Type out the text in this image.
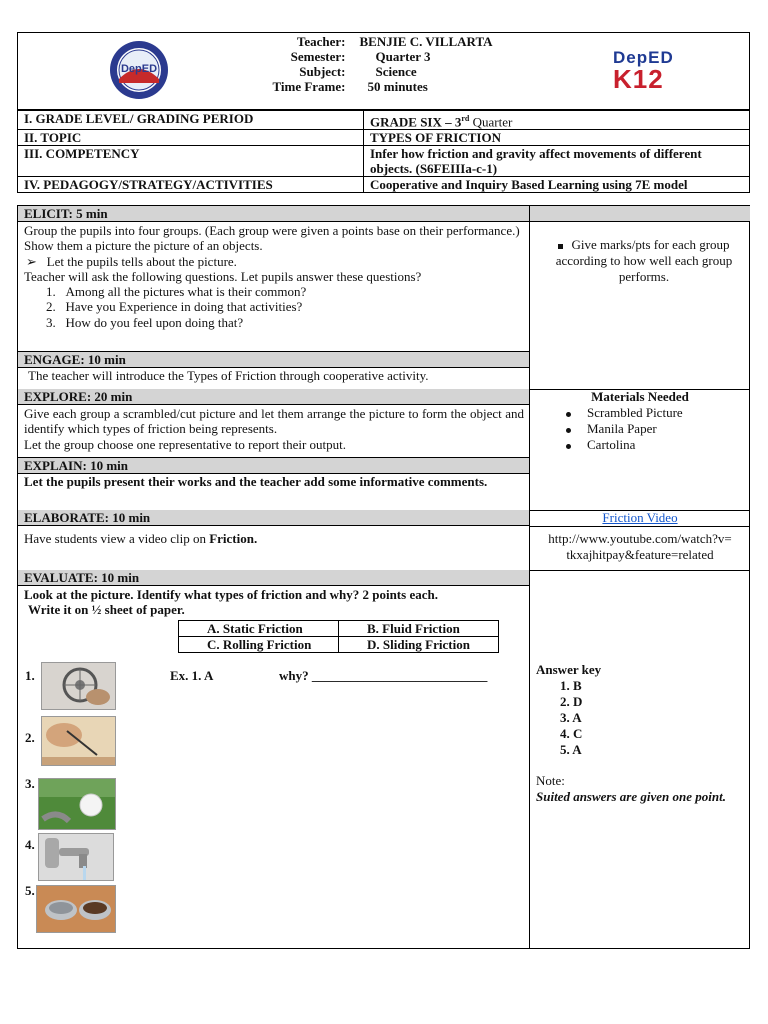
DepED
Teacher: BENJIE C. VILLARTA
Semester: Quarter 3
Subject: Science
Time Frame: 50 minutes
DepED
K12
I. GRADE LEVEL/ GRADING PERIOD	GRADE SIX – 3rd Quarter
II. TOPIC	TYPES OF FRICTION
III. COMPETENCY	Infer how friction and gravity affect movements of different objects. (S6FEIIIa-c-1)
IV. PEDAGOGY/STRATEGY/ACTIVITIES	Cooperative and Inquiry Based Learning using 7E model
ELICIT: 5 min
Group the pupils into four groups. (Each group were given a points base on their performance.)
Show them a picture the picture of an objects.
➢ Let the pupils tells about the picture.
Teacher will ask the following questions. Let pupils answer these questions?
1.   Among all the pictures what is their common?
2.   Have you Experience in doing that activities?
3.   How do you feel upon doing that?
Give marks/pts for each group according to how well each group performs.
ENGAGE: 10 min
The teacher will introduce the Types of Friction through cooperative activity.
EXPLORE: 20 min
Give each group a scrambled/cut picture and let them arrange the picture to form the object and identify which types of friction being represents.
Let the group choose one representative to report their output.
Materials Needed
Scrambled Picture
Manila Paper
Cartolina
EXPLAIN: 10 min
Let the pupils present their works and the teacher add some informative comments.
ELABORATE: 10 min	Friction Video
Have students view a video clip on Friction.	http://www.youtube.com/watch?v= tkxajhitpay&feature=related
EVALUATE: 10 min
Look at the picture. Identify what types of friction and why? 2 points each.
Write it on ½ sheet of paper.
A. Static Friction	B. Fluid Friction
C. Rolling Friction	D. Sliding Friction
1.	Ex. 1. A	why? ___________________________
2.
3.
4.
5.
Answer key
1. B
2. D
3. A
4. C
5. A
Note:
Suited answers are given one point.
